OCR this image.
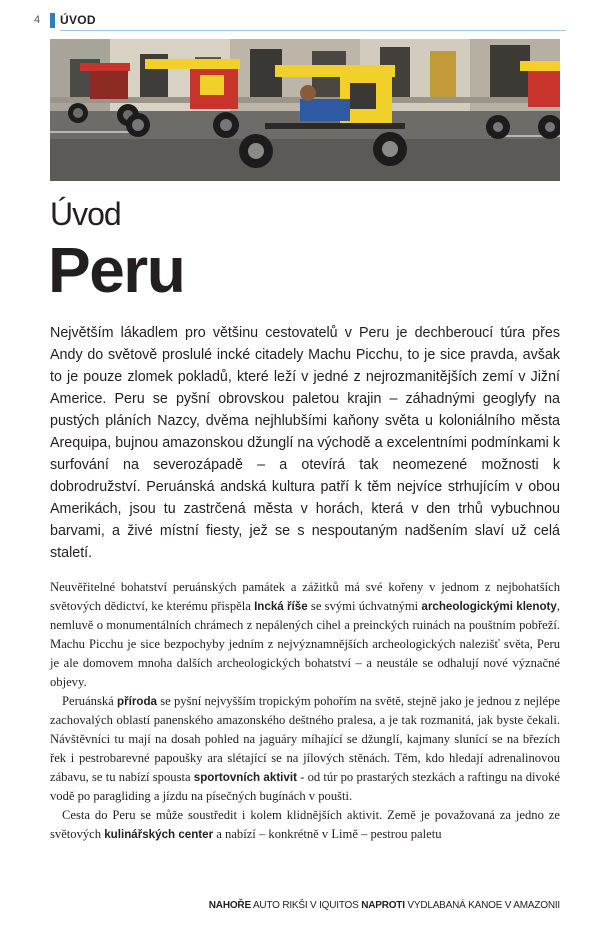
4 ÚVOD
Úvod
Peru

Největším lákadlem pro většinu cestovatelů v Peru je dechberoucí túra přes Andy do světově proslulé incké citadely Machu Picchu, to je sice pravda, avšak to je pouze zlomek pokladů, které leží v jedné z nejrozmanitějších zemí v Jižní Americe. Peru se pyšní obrovskou paletou krajin – záhadnými geoglyfy na pustých pláních Nazcy, dvěma nejhlubšími kaňony světa u koloniálního města Arequipa, bujnou amazonskou džunglí na východě a excelentními podmínkami k surfování na severozápadě – a otevírá tak neomezené možnosti k dobrodružství. Peruánská andská kultura patří k těm nejvíce strhujícím v obou Amerikách, jsou tu zastrčená města v horách, která v den trhů vybuchnou barvami, a živé místní fiesty, jež se s nespoutaným nadšením slaví už celá staletí.

Neuvěřitelné bohatství peruánských památek a zážitků má své kořeny v jednom z nejbohatších světových dědictví, ke kterému přispěla Incká říše se svými úchvatnými archeologickými klenoty, nemluvě o monumentálních chrámech z nepálených cihel a preinckých ruinách na pouštním pobřeží. Machu Picchu je sice bezpochyby jedním z nejvýznamnějších archeologických nalezišť světa, Peru je ale domovem mnoha dalších archeologických bohatství – a neustále se odhalují nové význačné objevy.

Peruánská příroda se pyšní nejvyšším tropickým pohořím na světě, stejně jako je jednou z nejlépe zachovalých oblastí panenského amazonského deštného pralesa, a je tak rozmanitá, jak byste čekali. Návštěvníci tu mají na dosah pohled na jaguáry míhající se džunglí, kajmany slunící se na březích řek i pestrobarevné papoušky ara slétající se na jílových stěnách. Těm, kdo hledají adrenalinovou zábavu, se tu nabízí spousta sportovních aktivit - od túr po prastarých stezkách a raftingu na divoké vodě po paragliding a jízdu na písečných bugínách v poušti.

Cesta do Peru se může soustředit i kolem klidnějších aktivit. Země je považovaná za jedno ze světových kulinářských center a nabízí – konkrétně v Limě – pestrou paletu

NAHOŘE AUTO RIKŠI V IQUITOS NAPROTI VYDLABANÁ KANOE V AMAZONII
